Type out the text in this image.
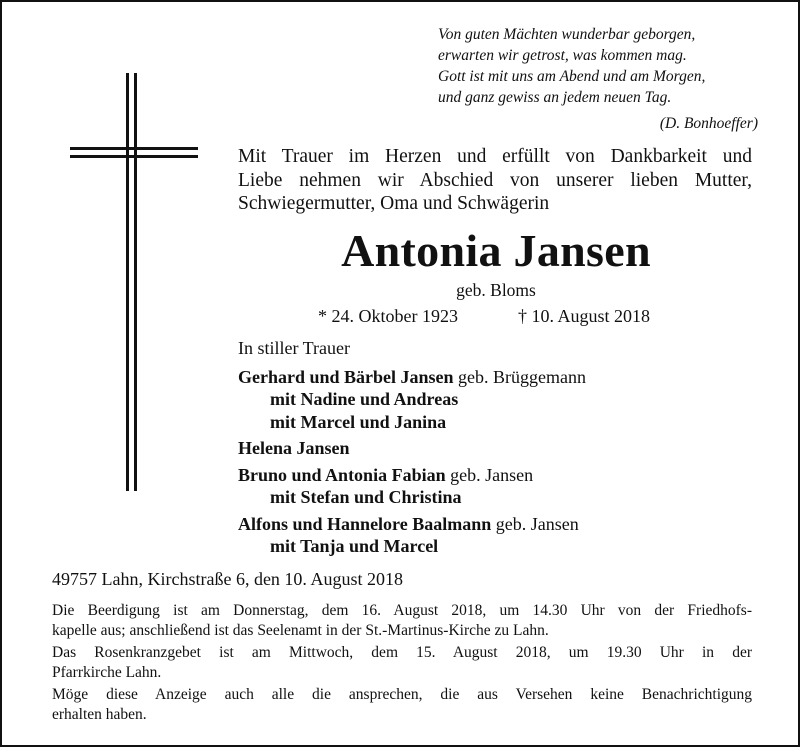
Von guten Mächten wunderbar geborgen,
erwarten wir getrost, was kommen mag.
Gott ist mit uns am Abend und am Morgen,
und ganz gewiss an jedem neuen Tag.
(D. Bonhoeffer)
Mit Trauer im Herzen und erfüllt von Dankbarkeit und
Liebe nehmen wir Abschied von unserer lieben Mutter,
Schwiegermutter, Oma und Schwägerin
Antonia Jansen
geb. Bloms
* 24. Oktober 1923	† 10. August 2018
In stiller Trauer
Gerhard und Bärbel Jansen geb. Brüggemann
mit Nadine und Andreas
mit Marcel und Janina
Helena Jansen
Bruno und Antonia Fabian geb. Jansen
mit Stefan und Christina
Alfons und Hannelore Baalmann geb. Jansen
mit Tanja und Marcel
49757 Lahn, Kirchstraße 6, den 10. August 2018
Die Beerdigung ist am Donnerstag, dem 16. August 2018, um 14.30 Uhr von der Friedhofs-
kapelle aus; anschließend ist das Seelenamt in der St.-Martinus-Kirche zu Lahn.
Das Rosenkranzgebet ist am Mittwoch, dem 15. August 2018, um 19.30 Uhr in der
Pfarrkirche Lahn.
Möge diese Anzeige auch alle die ansprechen, die aus Versehen keine Benachrichtigung
erhalten haben.
